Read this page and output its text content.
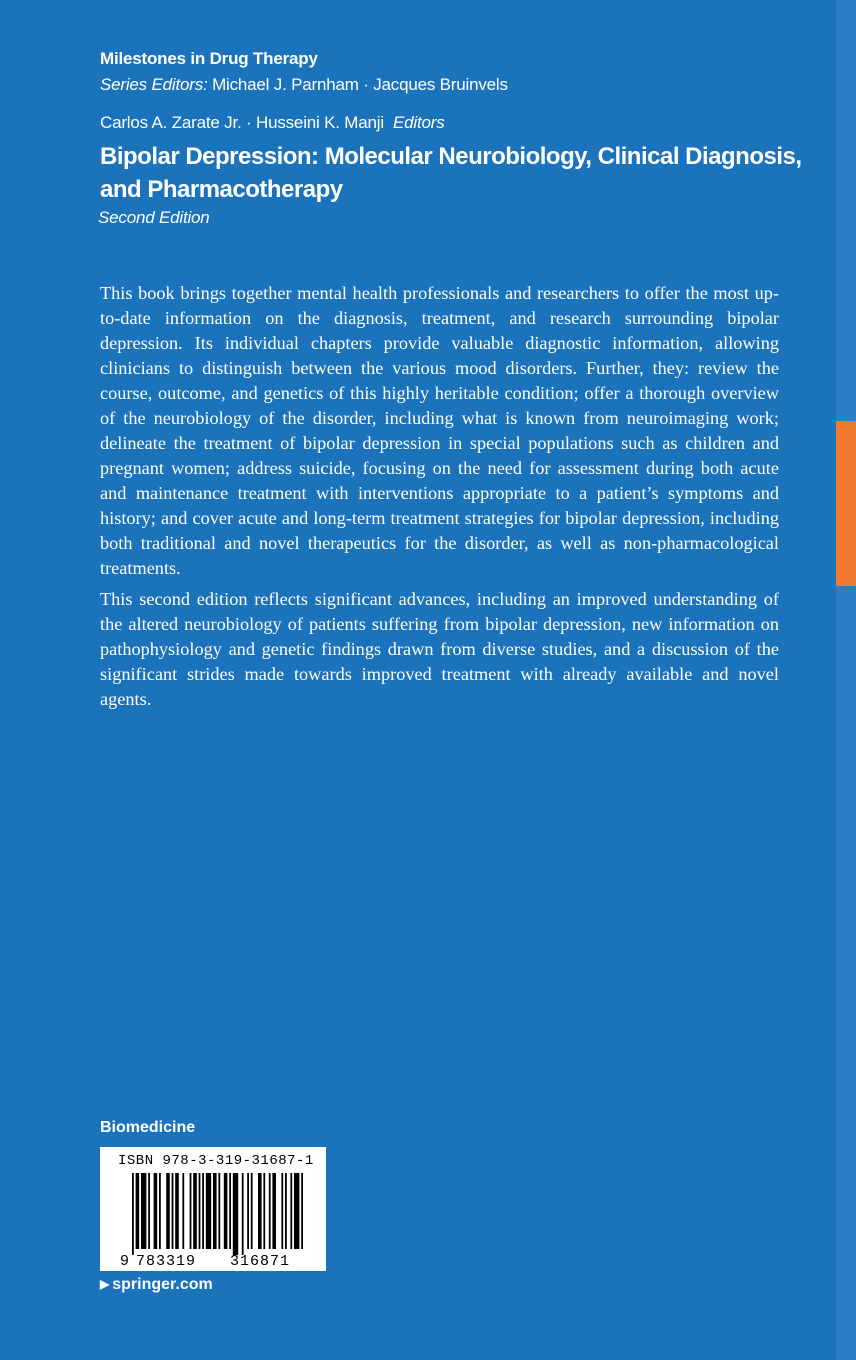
Milestones in Drug Therapy
Series Editors: Michael J. Parnham · Jacques Bruinvels
Carlos A. Zarate Jr. · Husseini K. Manji Editors
Bipolar Depression: Molecular Neurobiology, Clinical Diagnosis, and Pharmacotherapy
Second Edition

This book brings together mental health professionals and researchers to offer the most up-to-date information on the diagnosis, treatment, and research surrounding bipolar depression. Its individual chapters provide valuable diagnostic information, allowing clinicians to distinguish between the various mood disorders. Further, they: review the course, outcome, and genetics of this highly heritable condition; offer a thorough overview of the neurobiology of the disorder, including what is known from neuroimaging work; delineate the treatment of bipolar depression in special populations such as children and pregnant women; address suicide, focusing on the need for assessment during both acute and maintenance treatment with interventions appropriate to a patient’s symptoms and history; and cover acute and long-term treatment strategies for bipolar depression, including both traditional and novel therapeutics for the disorder, as well as non-pharmacological treatments.

This second edition reflects significant advances, including an improved understanding of the altered neurobiology of patients suffering from bipolar depression, new information on pathophysiology and genetic findings drawn from diverse studies, and a discussion of the significant strides made towards improved treatment with already available and novel agents.

Biomedicine
ISBN 978-3-319-31687-1
9 783319 316871
▶ springer.com
